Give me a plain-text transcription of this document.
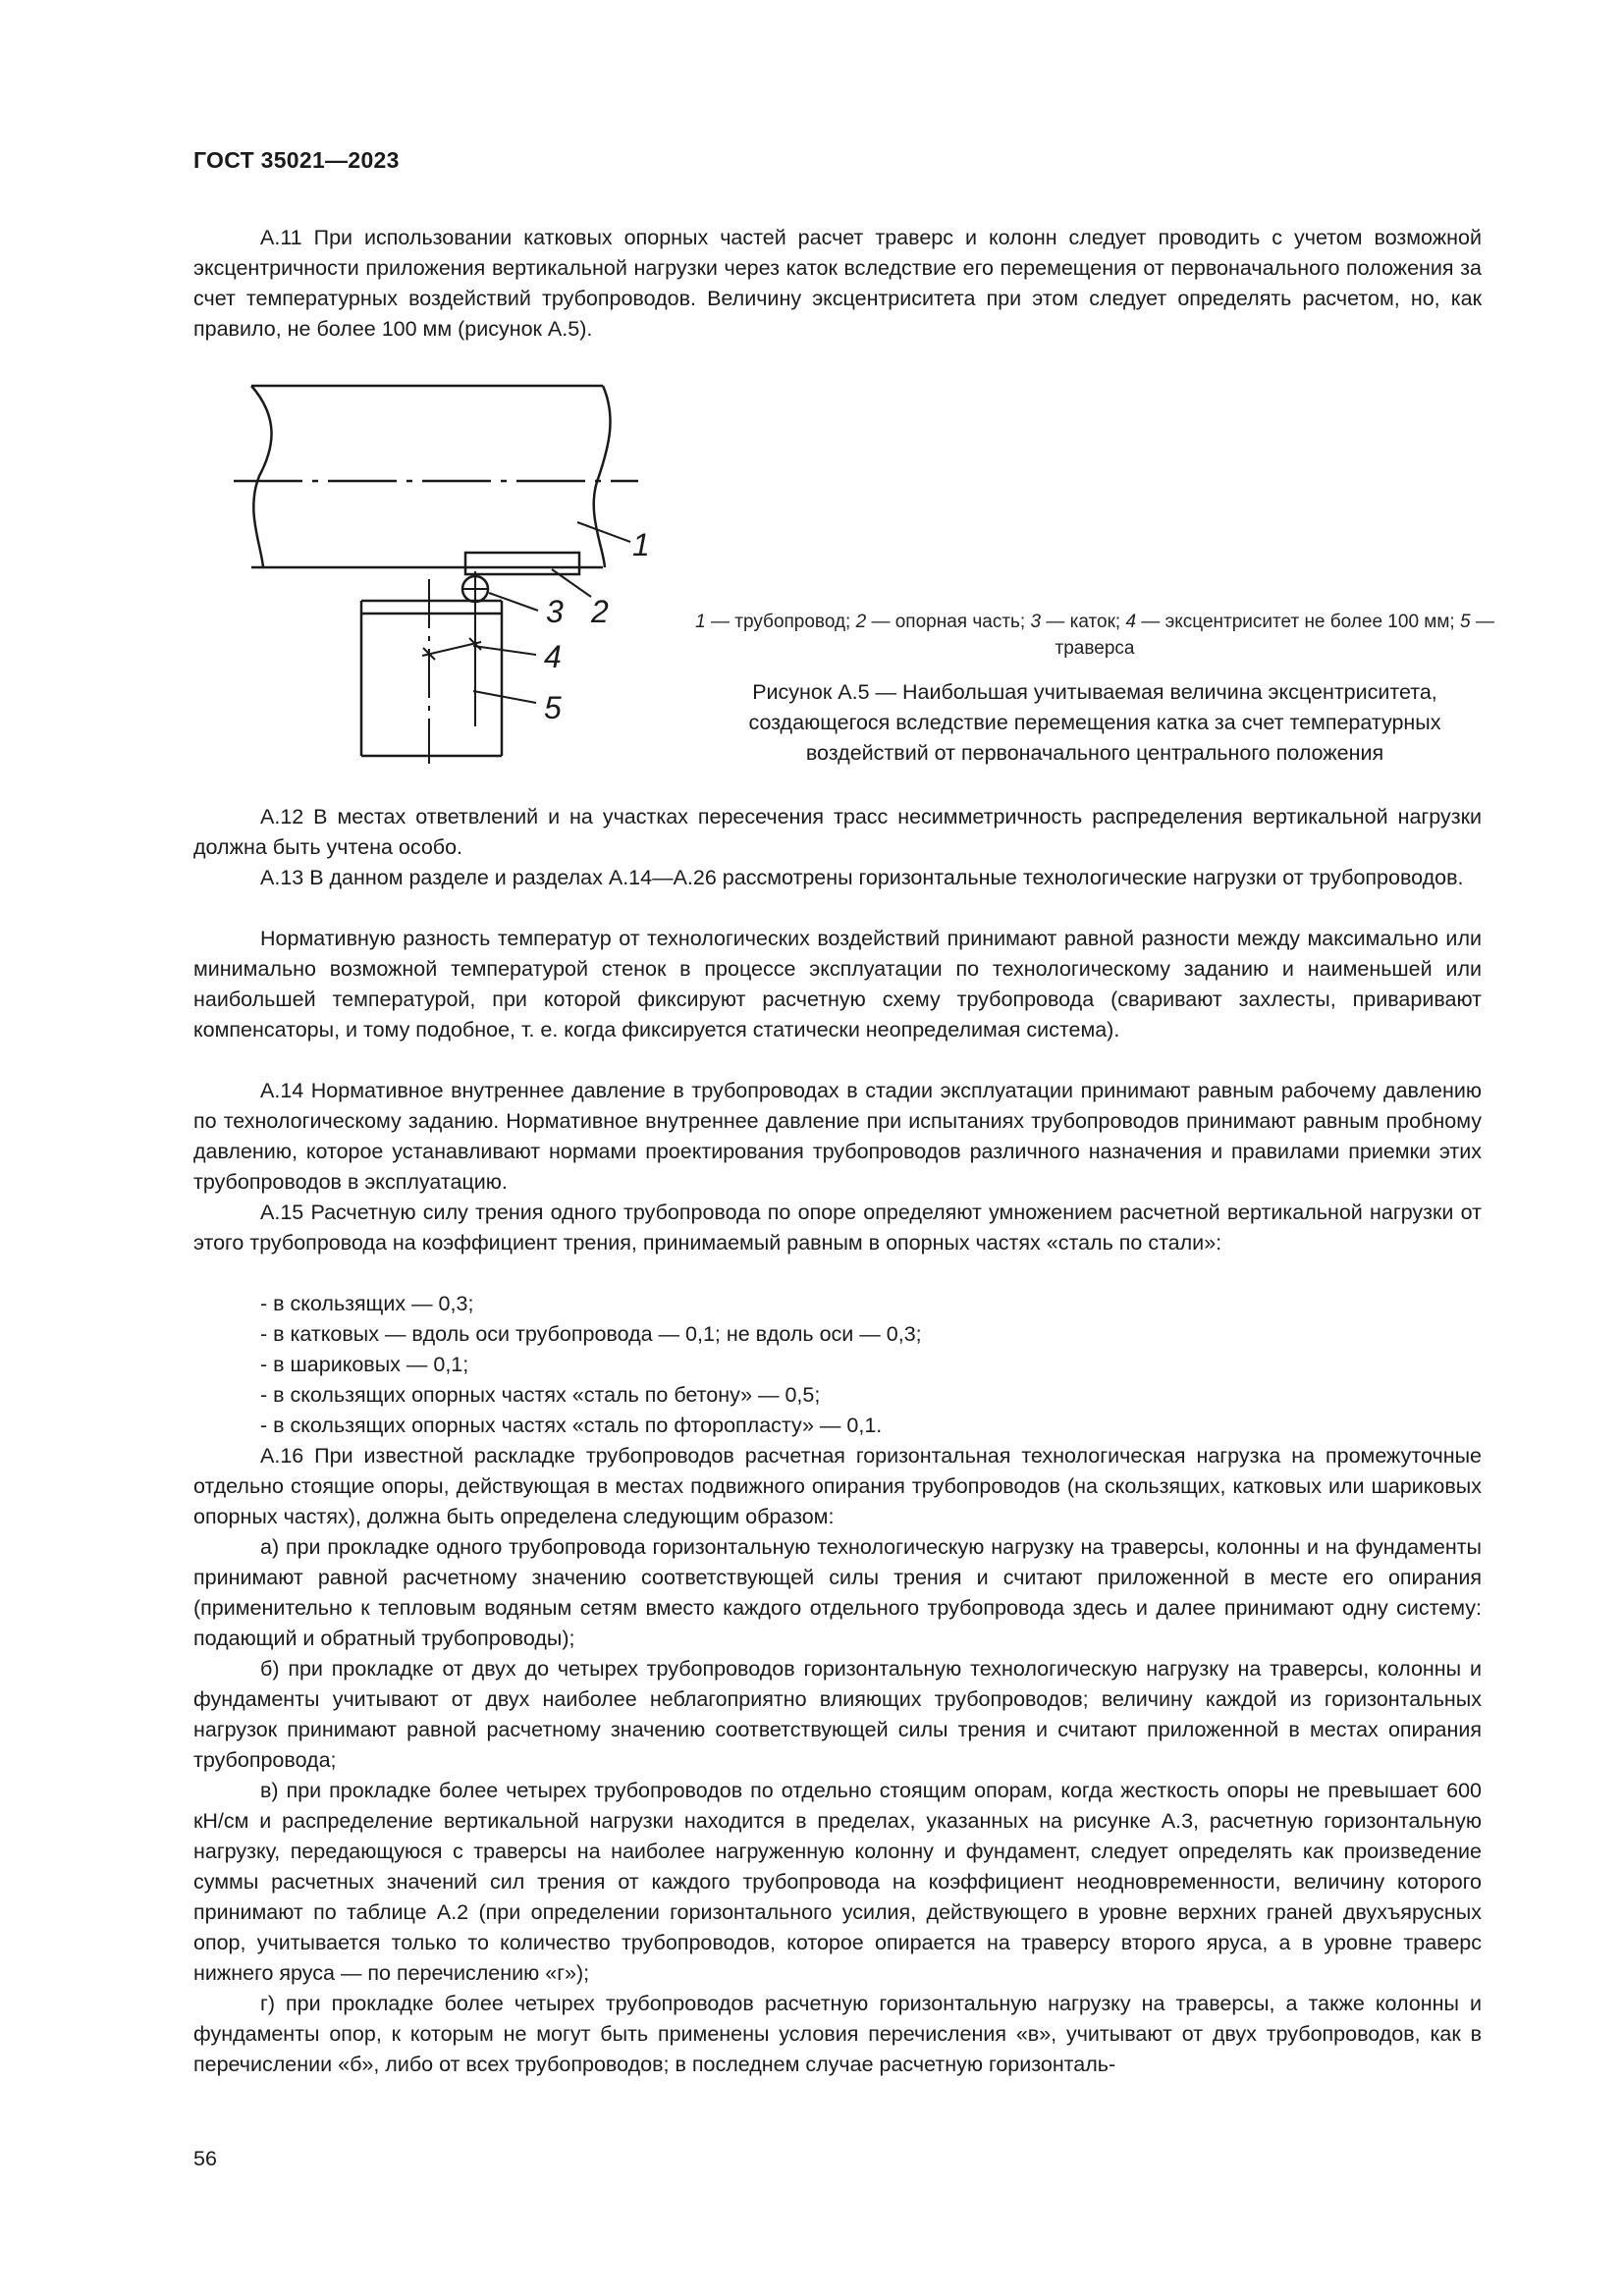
ГОСТ 35021—2023

А.11 При использовании катковых опорных частей расчет траверс и колонн следует проводить с учетом возможной эксцентричности приложения вертикальной нагрузки через каток вследствие его перемещения от первоначального положения за счет температурных воздействий трубопроводов. Величину эксцентриситета при этом следует определять расчетом, но, как правило, не более 100 мм (рисунок А.5).

1
2
3
4
5
1 — трубопровод; 2 — опорная часть; 3 — каток; 4 — эксцентриситет не более 100 мм; 5 — траверса
Рисунок А.5 — Наибольшая учитываемая величина эксцентриситета, создающегося вследствие перемещения катка за счет температурных воздействий от первоначального центрального положения

А.12 В местах ответвлений и на участках пересечения трасс несимметричность распределения вертикальной нагрузки должна быть учтена особо.

А.13 В данном разделе и разделах А.14—А.26 рассмотрены горизонтальные технологические нагрузки от трубопроводов.

Нормативную разность температур от технологических воздействий принимают равной разности между максимально или минимально возможной температурой стенок в процессе эксплуатации по технологическому заданию и наименьшей или наибольшей температурой, при которой фиксируют расчетную схему трубопровода (сваривают захлесты, приваривают компенсаторы, и тому подобное, т. е. когда фиксируется статически неопределимая система).

А.14 Нормативное внутреннее давление в трубопроводах в стадии эксплуатации принимают равным рабочему давлению по технологическому заданию. Нормативное внутреннее давление при испытаниях трубопроводов принимают равным пробному давлению, которое устанавливают нормами проектирования трубопроводов различного назначения и правилами приемки этих трубопроводов в эксплуатацию.

А.15 Расчетную силу трения одного трубопровода по опоре определяют умножением расчетной вертикальной нагрузки от этого трубопровода на коэффициент трения, принимаемый равным в опорных частях «сталь по стали»:

- в скользящих — 0,3;

- в катковых — вдоль оси трубопровода — 0,1; не вдоль оси — 0,3;

- в шариковых — 0,1;

- в скользящих опорных частях «сталь по бетону» — 0,5;

- в скользящих опорных частях «сталь по фторопласту» — 0,1.

А.16 При известной раскладке трубопроводов расчетная горизонтальная технологическая нагрузка на промежуточные отдельно стоящие опоры, действующая в местах подвижного опирания трубопроводов (на скользящих, катковых или шариковых опорных частях), должна быть определена следующим образом:

а) при прокладке одного трубопровода горизонтальную технологическую нагрузку на траверсы, колонны и на фундаменты принимают равной расчетному значению соответствующей силы трения и считают приложенной в месте его опирания (применительно к тепловым водяным сетям вместо каждого отдельного трубопровода здесь и далее принимают одну систему: подающий и обратный трубопроводы);

б) при прокладке от двух до четырех трубопроводов горизонтальную технологическую нагрузку на траверсы, колонны и фундаменты учитывают от двух наиболее неблагоприятно влияющих трубопроводов; величину каждой из горизонтальных нагрузок принимают равной расчетному значению соответствующей силы трения и считают приложенной в местах опирания трубопровода;

в) при прокладке более четырех трубопроводов по отдельно стоящим опорам, когда жесткость опоры не превышает 600 кН/см и распределение вертикальной нагрузки находится в пределах, указанных на рисунке А.3, расчетную горизонтальную нагрузку, передающуюся с траверсы на наиболее нагруженную колонну и фундамент, следует определять как произведение суммы расчетных значений сил трения от каждого трубопровода на коэффициент неодновременности, величину которого принимают по таблице А.2 (при определении горизонтального усилия, действующего в уровне верхних граней двухъярусных опор, учитывается только то количество трубопроводов, которое опирается на траверсу второго яруса, а в уровне траверс нижнего яруса — по перечислению «г»);

г) при прокладке более четырех трубопроводов расчетную горизонтальную нагрузку на траверсы, а также колонны и фундаменты опор, к которым не могут быть применены условия перечисления «в», учитывают от двух трубопроводов, как в перечислении «б», либо от всех трубопроводов; в последнем случае расчетную горизонталь-

56
